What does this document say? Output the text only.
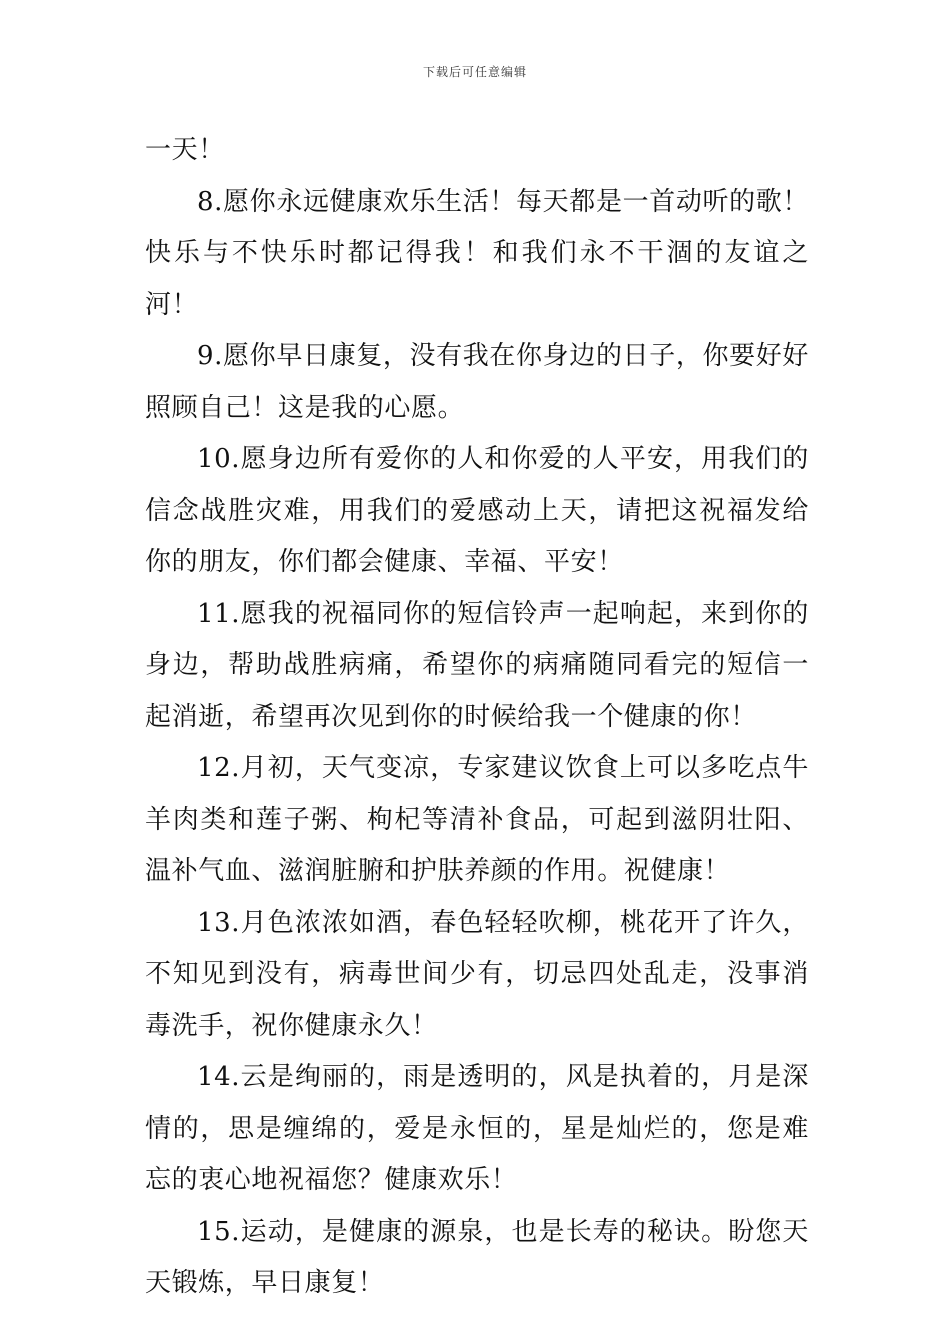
下载后可任意编辑

一天！

8.愿你永远健康欢乐生活！每天都是一首动听的歌！快乐与不快乐时都记得我！和我们永不干涸的友谊之河！

9.愿你早日康复，没有我在你身边的日子，你要好好照顾自己！这是我的心愿。

10.愿身边所有爱你的人和你爱的人平安，用我们的信念战胜灾难，用我们的爱感动上天，请把这祝福发给你的朋友，你们都会健康、幸福、平安！

11.愿我的祝福同你的短信铃声一起响起，来到你的身边，帮助战胜病痛，希望你的病痛随同看完的短信一起消逝，希望再次见到你的时候给我一个健康的你！

12.月初，天气变凉，专家建议饮食上可以多吃点牛羊肉类和莲子粥、枸杞等清补食品，可起到滋阴壮阳、温补气血、滋润脏腑和护肤养颜的作用。祝健康！

13.月色浓浓如酒，春色轻轻吹柳，桃花开了许久，不知见到没有，病毒世间少有，切忌四处乱走，没事消毒洗手，祝你健康永久！

14.云是绚丽的，雨是透明的，风是执着的，月是深情的，思是缠绵的，爱是永恒的，星是灿烂的，您是难忘的衷心地祝福您？健康欢乐！

15.运动，是健康的源泉，也是长寿的秘诀。盼您天天锻炼，早日康复！
